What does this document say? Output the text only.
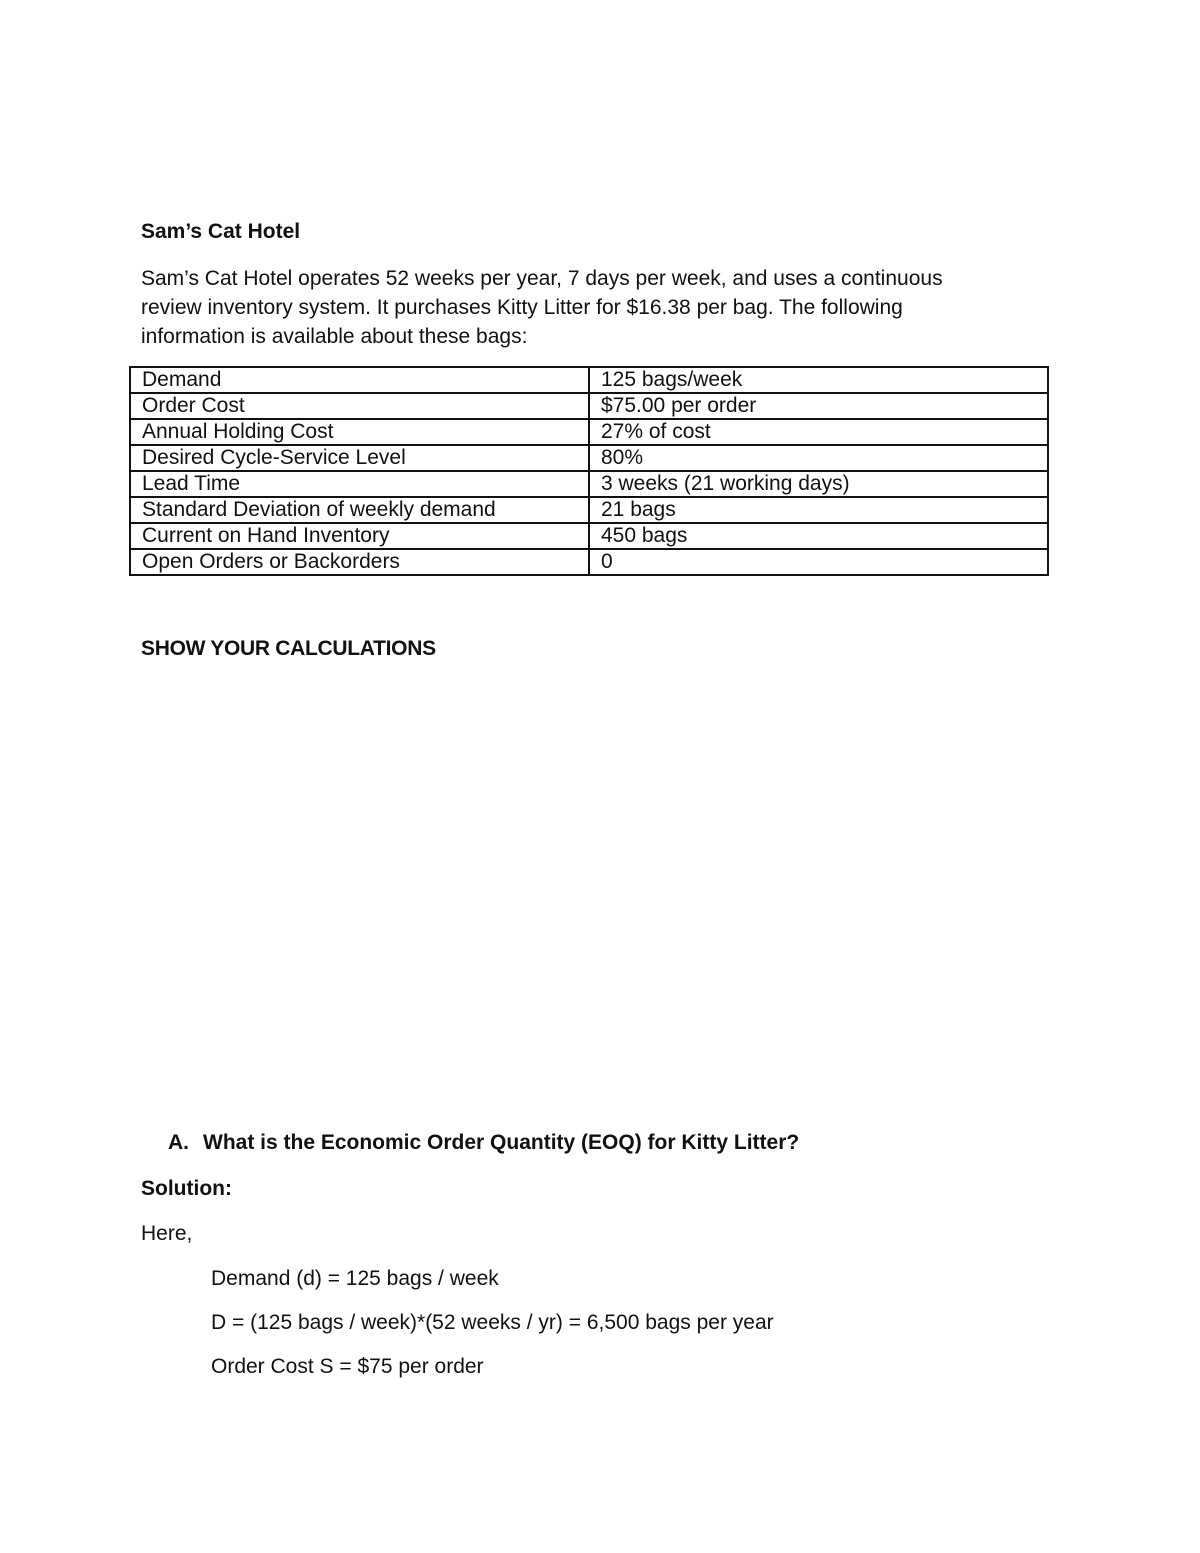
Sam’s Cat Hotel
Sam’s Cat Hotel operates 52 weeks per year, 7 days per week, and uses a continuous
review inventory system. It purchases Kitty Litter for $16.38 per bag. The following
information is available about these bags:
Demand	125 bags/week
Order Cost	$75.00 per order
Annual Holding Cost	27% of cost
Desired Cycle-Service Level	80%
Lead Time	3 weeks (21 working days)
Standard Deviation of weekly demand	21 bags
Current on Hand Inventory	450 bags
Open Orders or Backorders	0
SHOW YOUR CALCULATIONS
A. What is the Economic Order Quantity (EOQ) for Kitty Litter?
Solution:
Here,
Demand (d) = 125 bags / week
D = (125 bags / week)*(52 weeks / yr) = 6,500 bags per year
Order Cost S = $75 per order
